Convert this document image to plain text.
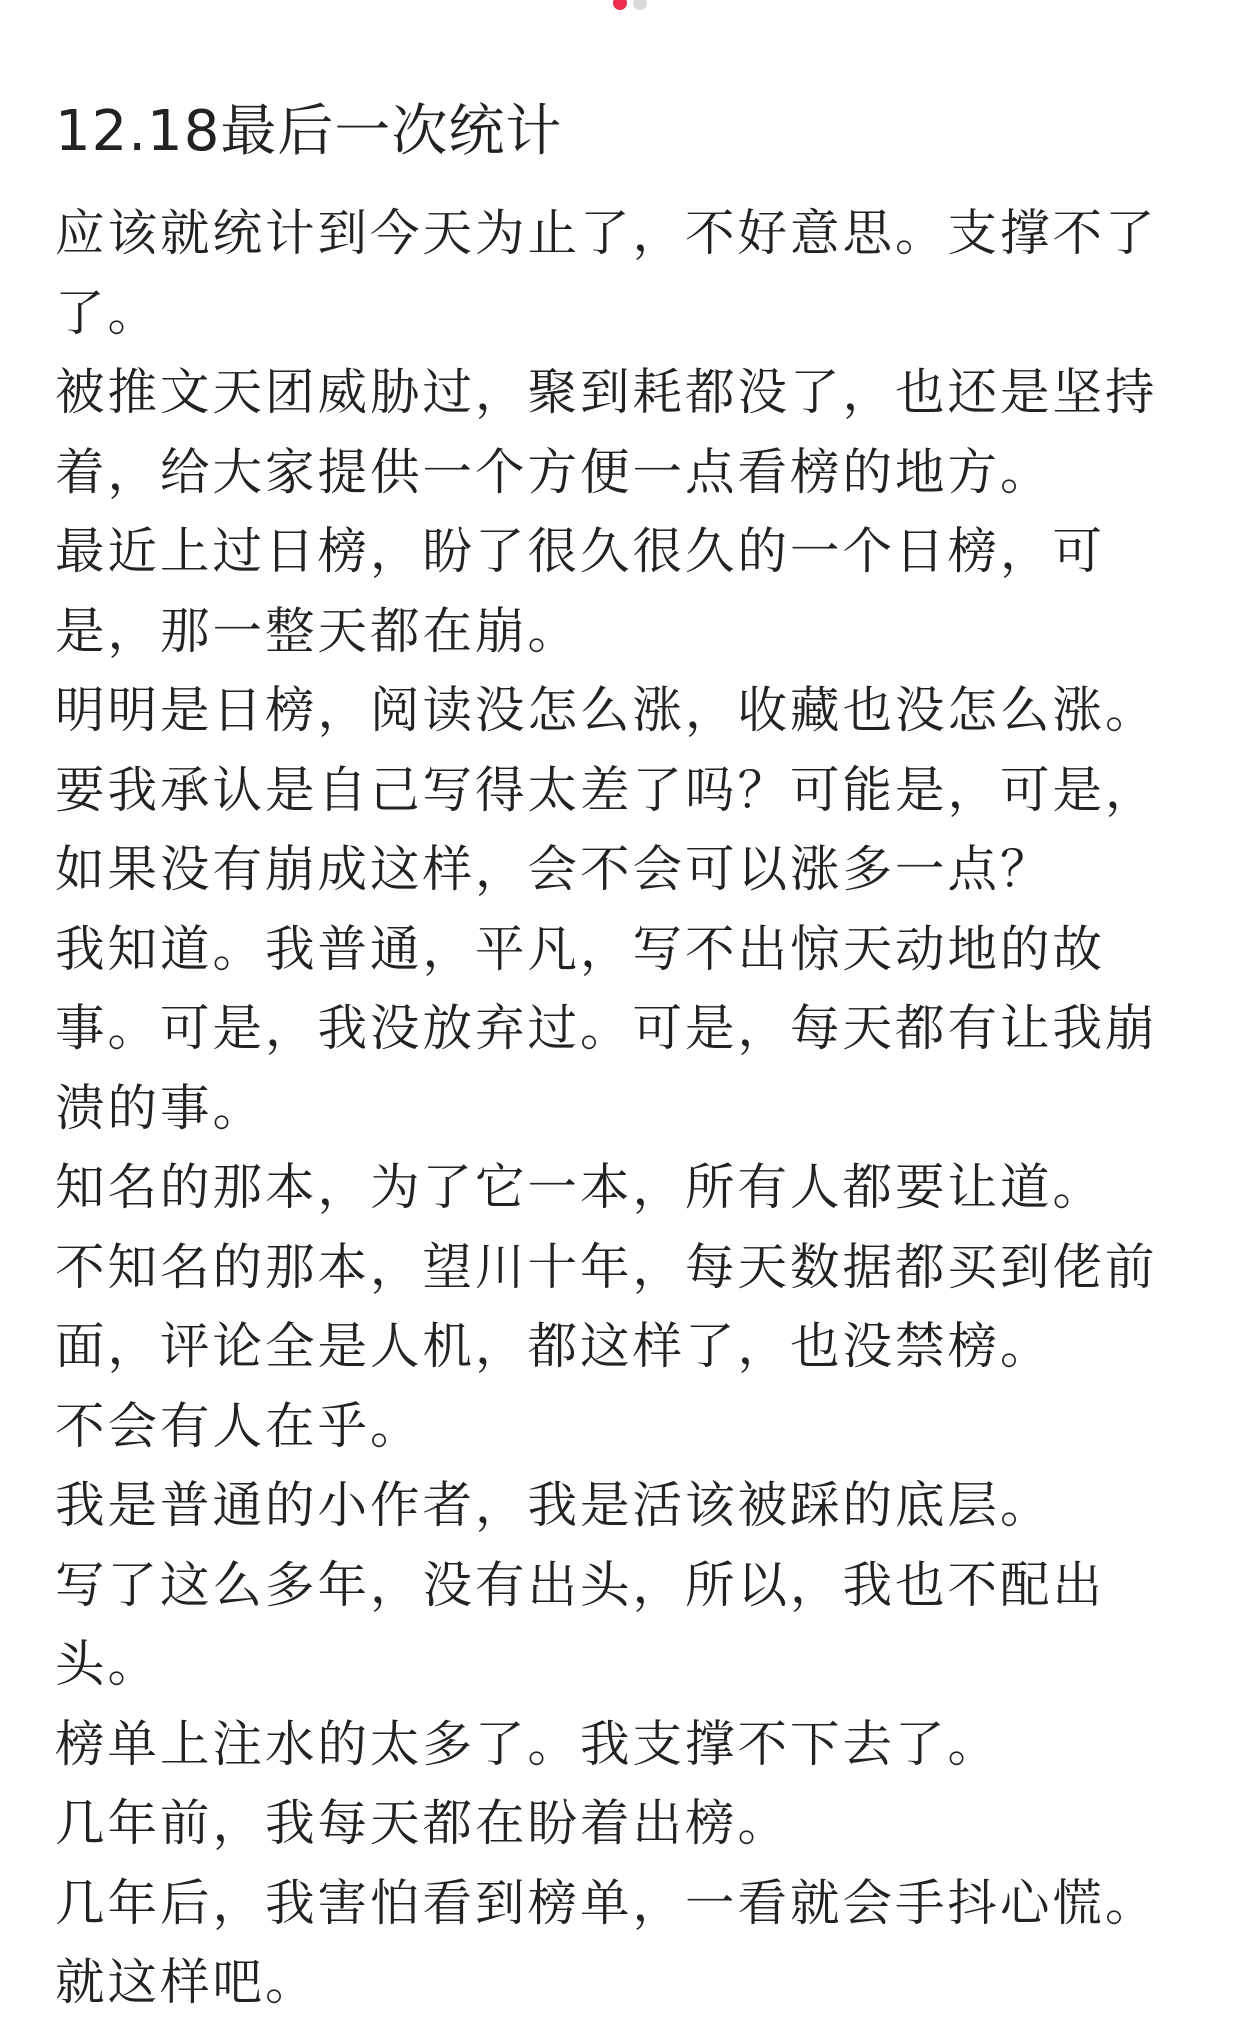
12.18最后一次统计
应该就统计到今天为止了，不好意思。支撑不了
了。
被推文天团威胁过，聚到耗都没了，也还是坚持
着，给大家提供一个方便一点看榜的地方。
最近上过日榜，盼了很久很久的一个日榜，可
是，那一整天都在崩。
明明是日榜，阅读没怎么涨，收藏也没怎么涨。
要我承认是自己写得太差了吗？可能是，可是，
如果没有崩成这样，会不会可以涨多一点？
我知道。我普通，平凡，写不出惊天动地的故
事。可是，我没放弃过。可是，每天都有让我崩
溃的事。
知名的那本，为了它一本，所有人都要让道。
不知名的那本，望川十年，每天数据都买到佬前
面，评论全是人机，都这样了，也没禁榜。
不会有人在乎。
我是普通的小作者，我是活该被踩的底层。
写了这么多年，没有出头，所以，我也不配出
头。
榜单上注水的太多了。我支撑不下去了。
几年前，我每天都在盼着出榜。
几年后，我害怕看到榜单，一看就会手抖心慌。
就这样吧。
